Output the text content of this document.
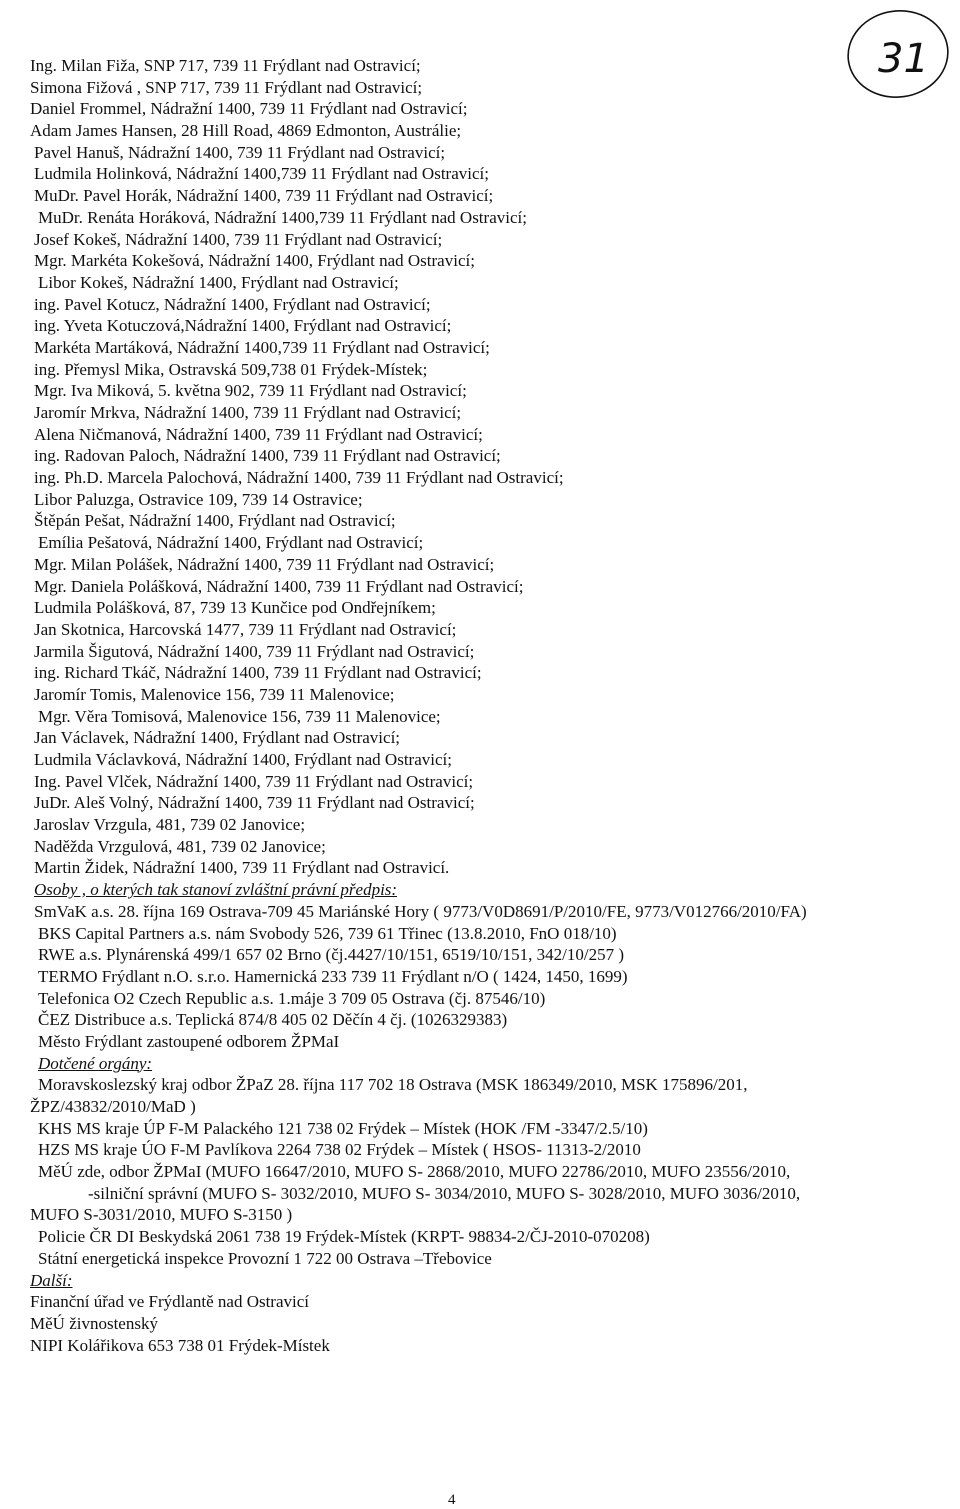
31
Ing. Milan Fiža, SNP 717, 739 11 Frýdlant nad Ostravicí;
Simona Fižová , SNP 717, 739 11 Frýdlant nad Ostravicí;
Daniel Frommel, Nádražní 1400, 739 11 Frýdlant nad Ostravicí;
Adam James Hansen, 28 Hill Road, 4869 Edmonton, Austrálie;
Pavel Hanuš, Nádražní 1400, 739 11 Frýdlant nad Ostravicí;
Ludmila Holinková, Nádražní 1400,739 11 Frýdlant nad Ostravicí;
MuDr. Pavel Horák, Nádražní 1400, 739 11 Frýdlant nad Ostravicí;
MuDr. Renáta Horáková, Nádražní 1400,739 11 Frýdlant nad Ostravicí;
Josef Kokeš, Nádražní 1400, 739 11 Frýdlant nad Ostravicí;
Mgr. Markéta Kokešová, Nádražní 1400, Frýdlant nad Ostravicí;
Libor Kokeš, Nádražní 1400, Frýdlant nad Ostravicí;
ing. Pavel Kotucz, Nádražní 1400, Frýdlant nad Ostravicí;
ing. Yveta Kotuczová,Nádražní 1400, Frýdlant nad Ostravicí;
Markéta Martáková, Nádražní 1400,739 11 Frýdlant nad Ostravicí;
ing. Přemysl Mika, Ostravská 509,738 01 Frýdek-Místek;
Mgr. Iva Miková, 5. května 902, 739 11 Frýdlant nad Ostravicí;
Jaromír Mrkva, Nádražní 1400, 739 11 Frýdlant nad Ostravicí;
Alena Ničmanová, Nádražní 1400, 739 11 Frýdlant nad Ostravicí;
ing. Radovan Paloch, Nádražní 1400, 739 11 Frýdlant nad Ostravicí;
ing. Ph.D. Marcela Palochová, Nádražní 1400, 739 11 Frýdlant nad Ostravicí;
Libor Paluzga, Ostravice 109, 739 14 Ostravice;
Štěpán Pešat, Nádražní 1400, Frýdlant nad Ostravicí;
Emília Pešatová, Nádražní 1400, Frýdlant nad Ostravicí;
Mgr. Milan Polášek, Nádražní 1400, 739 11 Frýdlant nad Ostravicí;
Mgr. Daniela Polášková, Nádražní 1400, 739 11 Frýdlant nad Ostravicí;
Ludmila Polášková, 87, 739 13 Kunčice pod Ondřejníkem;
Jan Skotnica, Harcovská 1477, 739 11 Frýdlant nad Ostravicí;
Jarmila Šigutová, Nádražní 1400, 739 11 Frýdlant nad Ostravicí;
ing. Richard Tkáč, Nádražní 1400, 739 11 Frýdlant nad Ostravicí;
Jaromír Tomis, Malenovice 156, 739 11 Malenovice;
Mgr. Věra Tomisová, Malenovice 156, 739 11 Malenovice;
Jan Václavek, Nádražní 1400, Frýdlant nad Ostravicí;
Ludmila Václavková, Nádražní 1400, Frýdlant nad Ostravicí;
Ing. Pavel Vlček, Nádražní 1400, 739 11 Frýdlant nad Ostravicí;
JuDr. Aleš Volný, Nádražní 1400, 739 11 Frýdlant nad Ostravicí;
Jaroslav Vrzgula, 481, 739 02 Janovice;
Naděžda Vrzgulová, 481, 739 02 Janovice;
Martin Židek, Nádražní 1400, 739 11 Frýdlant nad Ostravicí.
Osoby , o kterých tak stanoví zvláštní právní předpis:
SmVaK a.s. 28. října 169 Ostrava-709 45 Mariánské Hory ( 9773/V0D8691/P/2010/FE, 9773/V012766/2010/FA)
BKS Capital Partners a.s. nám Svobody 526, 739 61 Třinec (13.8.2010, FnO 018/10)
RWE a.s. Plynárenská 499/1 657 02 Brno (čj.4427/10/151, 6519/10/151, 342/10/257 )
TERMO Frýdlant n.O. s.r.o. Hamernická 233 739 11 Frýdlant n/O ( 1424, 1450, 1699)
Telefonica O2 Czech Republic a.s. 1.máje 3 709 05 Ostrava (čj. 87546/10)
ČEZ Distribuce a.s. Teplická 874/8 405 02 Děčín 4 čj. (1026329383)
Město Frýdlant zastoupené odborem ŽPMaI
Dotčené orgány:
Moravskoslezský kraj odbor ŽPaZ 28. října 117 702 18 Ostrava (MSK 186349/2010, MSK 175896/201,
ŽPZ/43832/2010/MaD )
KHS MS kraje ÚP F-M Palackého 121 738 02 Frýdek – Místek (HOK /FM -3347/2.5/10)
HZS MS kraje ÚO F-M Pavlíkova 2264 738 02 Frýdek – Místek ( HSOS- 11313-2/2010
MěÚ zde, odbor ŽPMaI (MUFO 16647/2010, MUFO S- 2868/2010, MUFO 22786/2010, MUFO 23556/2010,
-silniční správní (MUFO S- 3032/2010, MUFO S- 3034/2010, MUFO S- 3028/2010, MUFO 3036/2010,
MUFO S-3031/2010, MUFO S-3150 )
Policie ČR DI Beskydská 2061 738 19 Frýdek-Místek (KRPT- 98834-2/ČJ-2010-070208)
Státní energetická inspekce Provozní 1 722 00 Ostrava –Třebovice
Další:
Finanční úřad ve Frýdlantě nad Ostravicí
MěÚ živnostenský
NIPI Kolářikova 653 738 01 Frýdek-Místek
4
